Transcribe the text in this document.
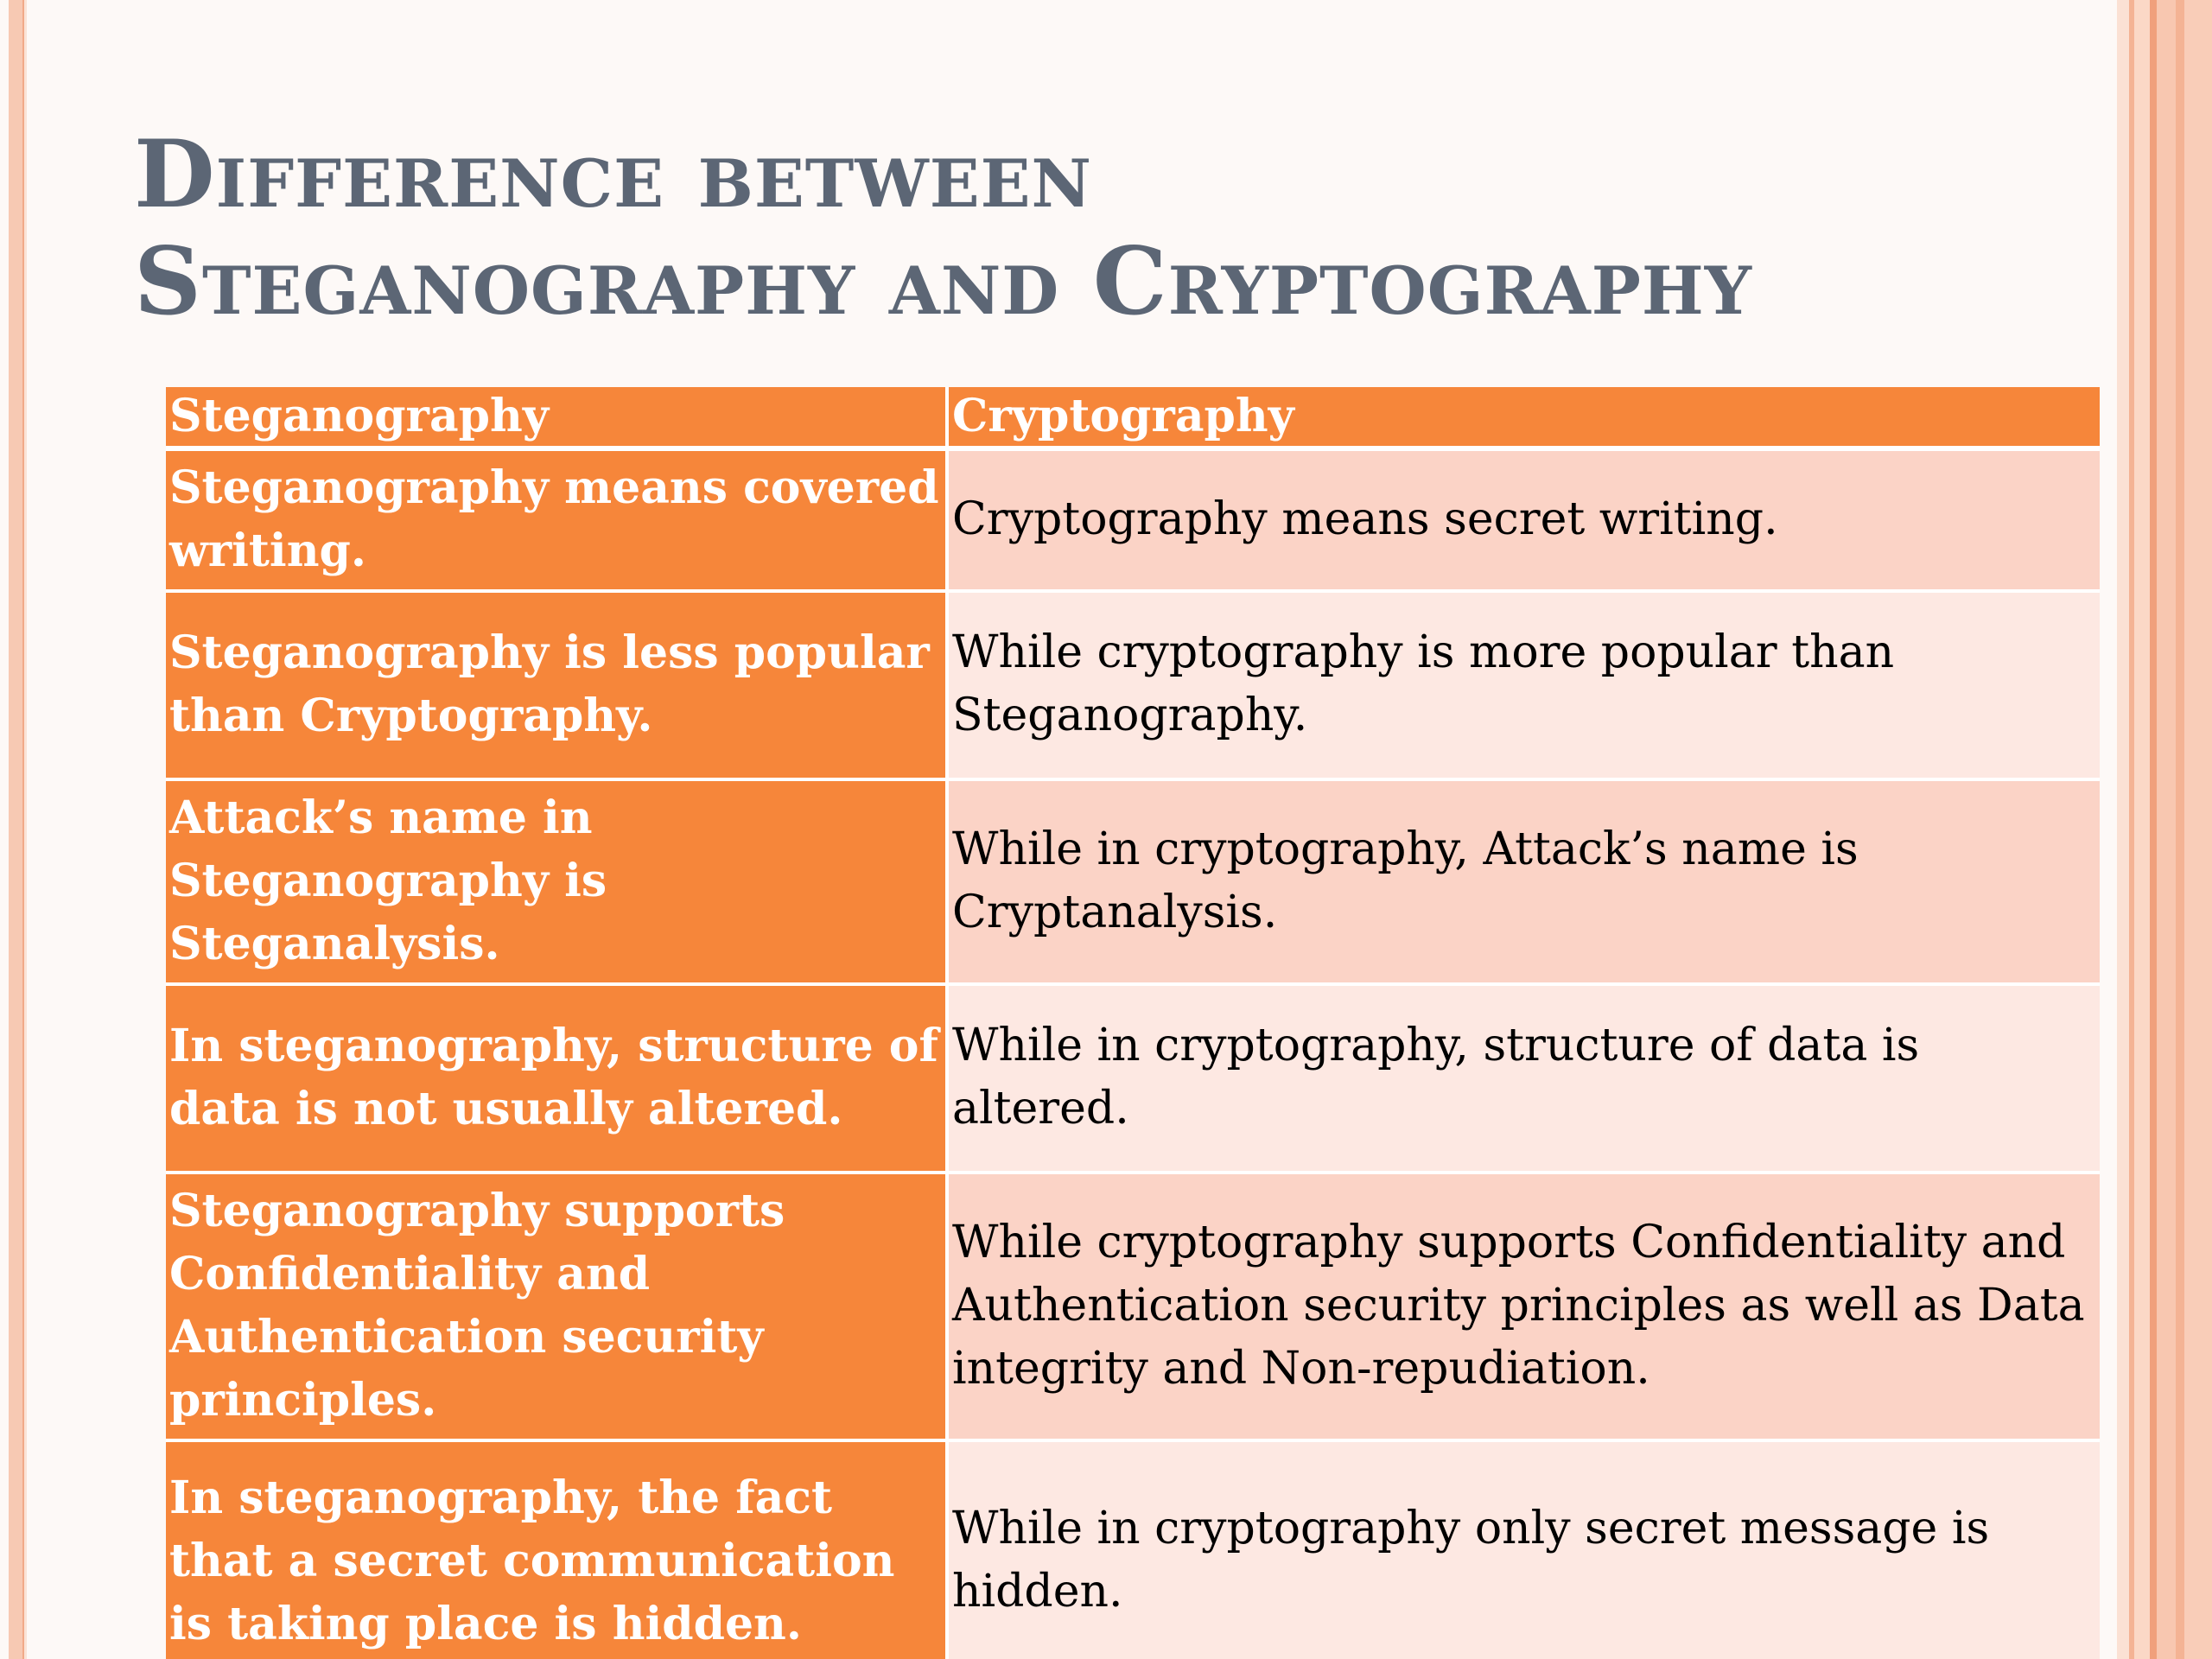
Difference between
Steganography and Cryptography
Steganography	Cryptography
Steganography means covered writing.	Cryptography means secret writing.
Steganography is less popular than Cryptography.	While cryptography is more popular than Steganography.
Attack’s name in Steganography is Steganalysis.	While in cryptography, Attack’s name is Cryptanalysis.
In steganography, structure of data is not usually altered.	While in cryptography, structure of data is altered.
Steganography supports Confidentiality and Authentication security principles.	While cryptography supports Confidentiality and Authentication security principles as well as Data integrity and Non-repudiation.
In steganography, the fact that a secret communication is taking place is hidden.	While in cryptography only secret message is hidden.
